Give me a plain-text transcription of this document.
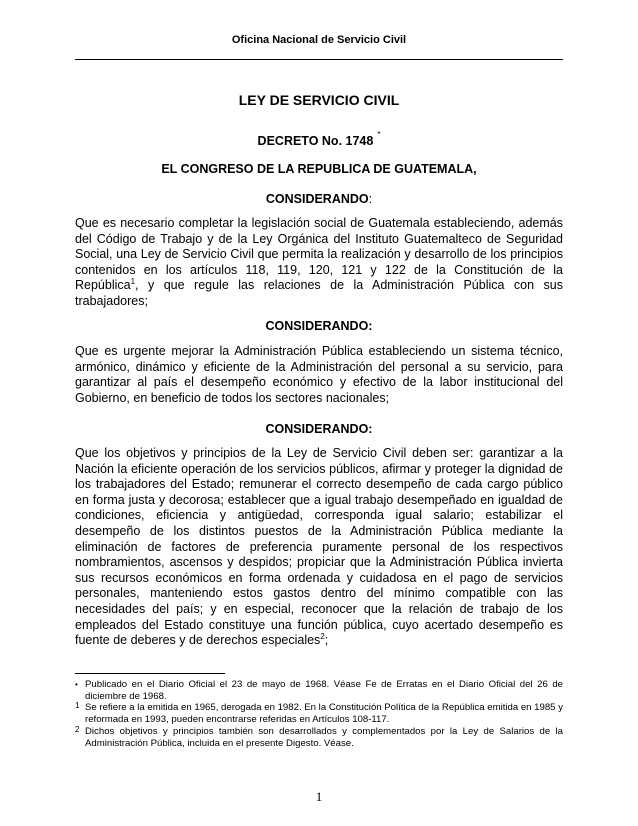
Oficina Nacional de Servicio Civil
LEY DE SERVICIO CIVIL
DECRETO No. 1748 *
EL CONGRESO DE LA REPUBLICA DE GUATEMALA,
CONSIDERANDO:

Que es necesario completar la legislación social de Guatemala estableciendo, además del Código de Trabajo y de la Ley Orgánica del Instituto Guatemalteco de Seguridad Social, una Ley de Servicio Civil que permita la realización y desarrollo de los principios contenidos en los artículos 118, 119, 120, 121 y 122 de la Constitución de la República$^1$, y que regule las relaciones de la Administración Pública con sus trabajadores;

CONSIDERANDO:

Que es urgente mejorar la Administración Pública estableciendo un sistema técnico, armónico, dinámico y eficiente de la Administración del personal a su servicio, para garantizar al país el desempeño económico y efectivo de la labor institucional del Gobierno, en beneficio de todos los sectores nacionales;

CONSIDERANDO:

Que los objetivos y principios de la Ley de Servicio Civil deben ser: garantizar a la Nación la eficiente operación de los servicios públicos, afirmar y proteger la dignidad de los trabajadores del Estado; remunerar el correcto desempeño de cada cargo público en forma justa y decorosa; establecer que a igual trabajo desempeñado en igualdad de condiciones, eficiencia y antigüedad, corresponda igual salario; estabilizar el desempeño de los distintos puestos de la Administración Pública mediante la eliminación de factores de preferencia puramente personal de los respectivos nombramientos, ascensos y despidos; propiciar que la Administración Pública invierta sus recursos económicos en forma ordenada y cuidadosa en el pago de servicios personales, manteniendo estos gastos dentro del mínimo compatible con las necesidades del país; y en especial, reconocer que la relación de trabajo de los empleados del Estado constituye una función pública, cuyo acertado desempeño es fuente de deberes y de derechos especiales$^2$;

• Publicado en el Diario Oficial el 23 de mayo de 1968. Véase Fe de Erratas en el Diario Oficial del 26 de diciembre de 1968.
1 Se refiere a la emitida en 1965, derogada en 1982. En la Constitución Política de la República emitida en 1985 y reformada en 1993, pueden encontrarse referidas en Artículos 108-117.
2 Dichos objetivos y principios también son desarrollados y complementados por la Ley de Salarios de la Administración Pública, incluida en el presente Digesto. Véase.
1
